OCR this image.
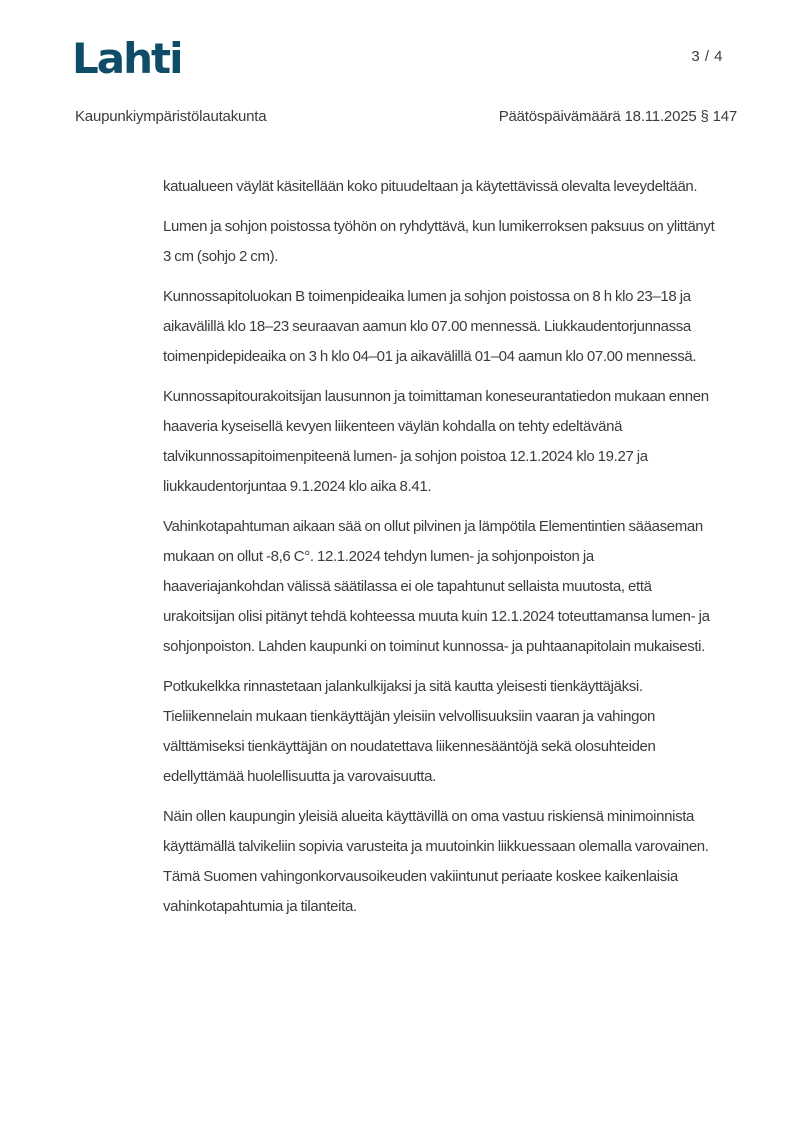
Lahti	3 / 4
Kaupunkiympäristölautakunta	Päätöspäivämäärä 18.11.2025 § 147

katualueen väylät käsitellään koko pituudeltaan ja käytettävissä olevalta leveydeltään.

Lumen ja sohjon poistossa työhön on ryhdyttävä, kun lumikerroksen paksuus on ylittänyt 3 cm (sohjo 2 cm).

Kunnossapitoluokan B toimenpideaika lumen ja sohjon poistossa on 8 h klo 23–18 ja aikavälillä klo 18–23 seuraavan aamun klo 07.00 mennessä. Liukkaudentorjunnassa toimenpidepideaika on 3 h klo 04–01 ja aikavälillä 01–04 aamun klo 07.00 mennessä.

Kunnossapitourakoitsijan lausunnon ja toimittaman koneseurantatiedon mukaan ennen haaveria kyseisellä kevyen liikenteen väylän kohdalla on tehty edeltävänä talvikunnossapitoimenpiteenä lumen- ja sohjon poistoa 12.1.2024 klo 19.27 ja liukkaudentorjuntaa 9.1.2024 klo aika 8.41.

Vahinkotapahtuman aikaan sää on ollut pilvinen ja lämpötila Elementintien sääaseman mukaan on ollut -8,6 C°. 12.1.2024 tehdyn lumen- ja sohjonpoiston ja haaveriajankohdan välissä säätilassa ei ole tapahtunut sellaista muutosta, että urakoitsijan olisi pitänyt tehdä kohteessa muuta kuin 12.1.2024 toteuttamansa lumen- ja sohjonpoiston. Lahden kaupunki on toiminut kunnossa- ja puhtaanapitolain mukaisesti.

Potkukelkka rinnastetaan jalankulkijaksi ja sitä kautta yleisesti tienkäyttäjäksi. Tieliikennelain mukaan tienkäyttäjän yleisiin velvollisuuksiin vaaran ja vahingon välttämiseksi tienkäyttäjän on noudatettava liikennesääntöjä sekä olosuhteiden edellyttämää huolellisuutta ja varovaisuutta.

Näin ollen kaupungin yleisiä alueita käyttävillä on oma vastuu riskiensä minimoinnista käyttämällä talvikeliin sopivia varusteita ja muutoinkin liikkuessaan olemalla varovainen. Tämä Suomen vahingonkorvausoikeuden vakiintunut periaate koskee kaikenlaisia vahinkotapahtumia ja tilanteita.
